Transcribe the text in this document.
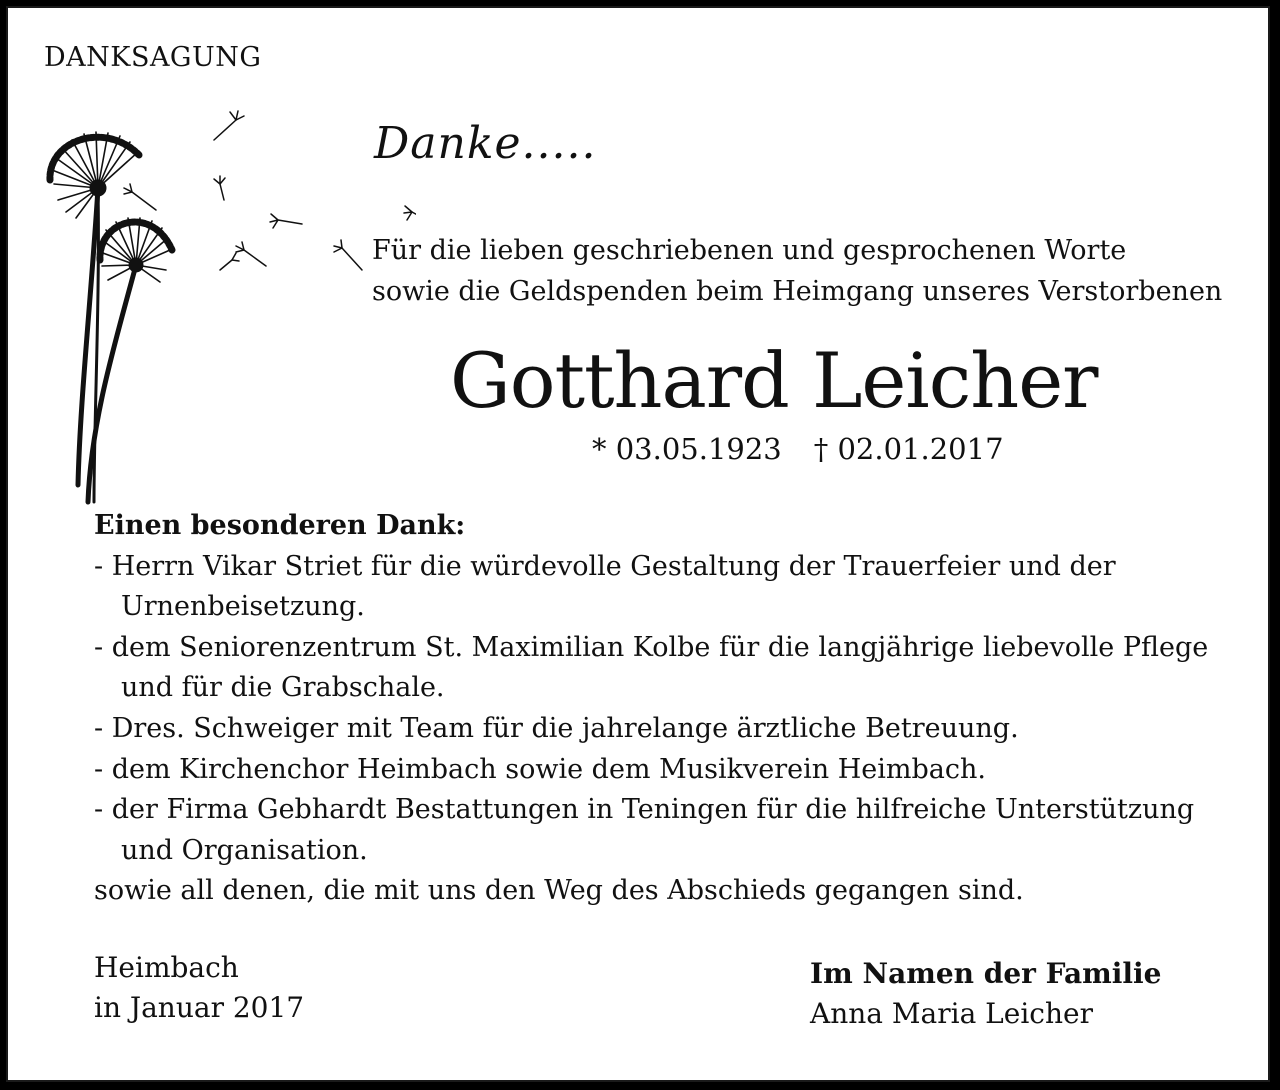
DANKSAGUNG
Danke.....
Für die lieben geschriebenen und gesprochenen Worte
sowie die Geldspenden beim Heimgang unseres Verstorbenen
Gotthard Leicher
* 03.05.1923 † 02.01.2017
Einen besonderen Dank:
- Herrn Vikar Striet für die würdevolle Gestaltung der Trauerfeier und der Urnenbeisetzung.
- dem Seniorenzentrum St. Maximilian Kolbe für die langjährige liebevolle Pflege und für die Grabschale.
- Dres. Schweiger mit Team für die jahrelange ärztliche Betreuung.
- dem Kirchenchor Heimbach sowie dem Musikverein Heimbach.
- der Firma Gebhardt Bestattungen in Teningen für die hilfreiche Unterstützung und Organisation.
sowie all denen, die mit uns den Weg des Abschieds gegangen sind.
Heimbach
in Januar 2017
Im Namen der Familie
Anna Maria Leicher
